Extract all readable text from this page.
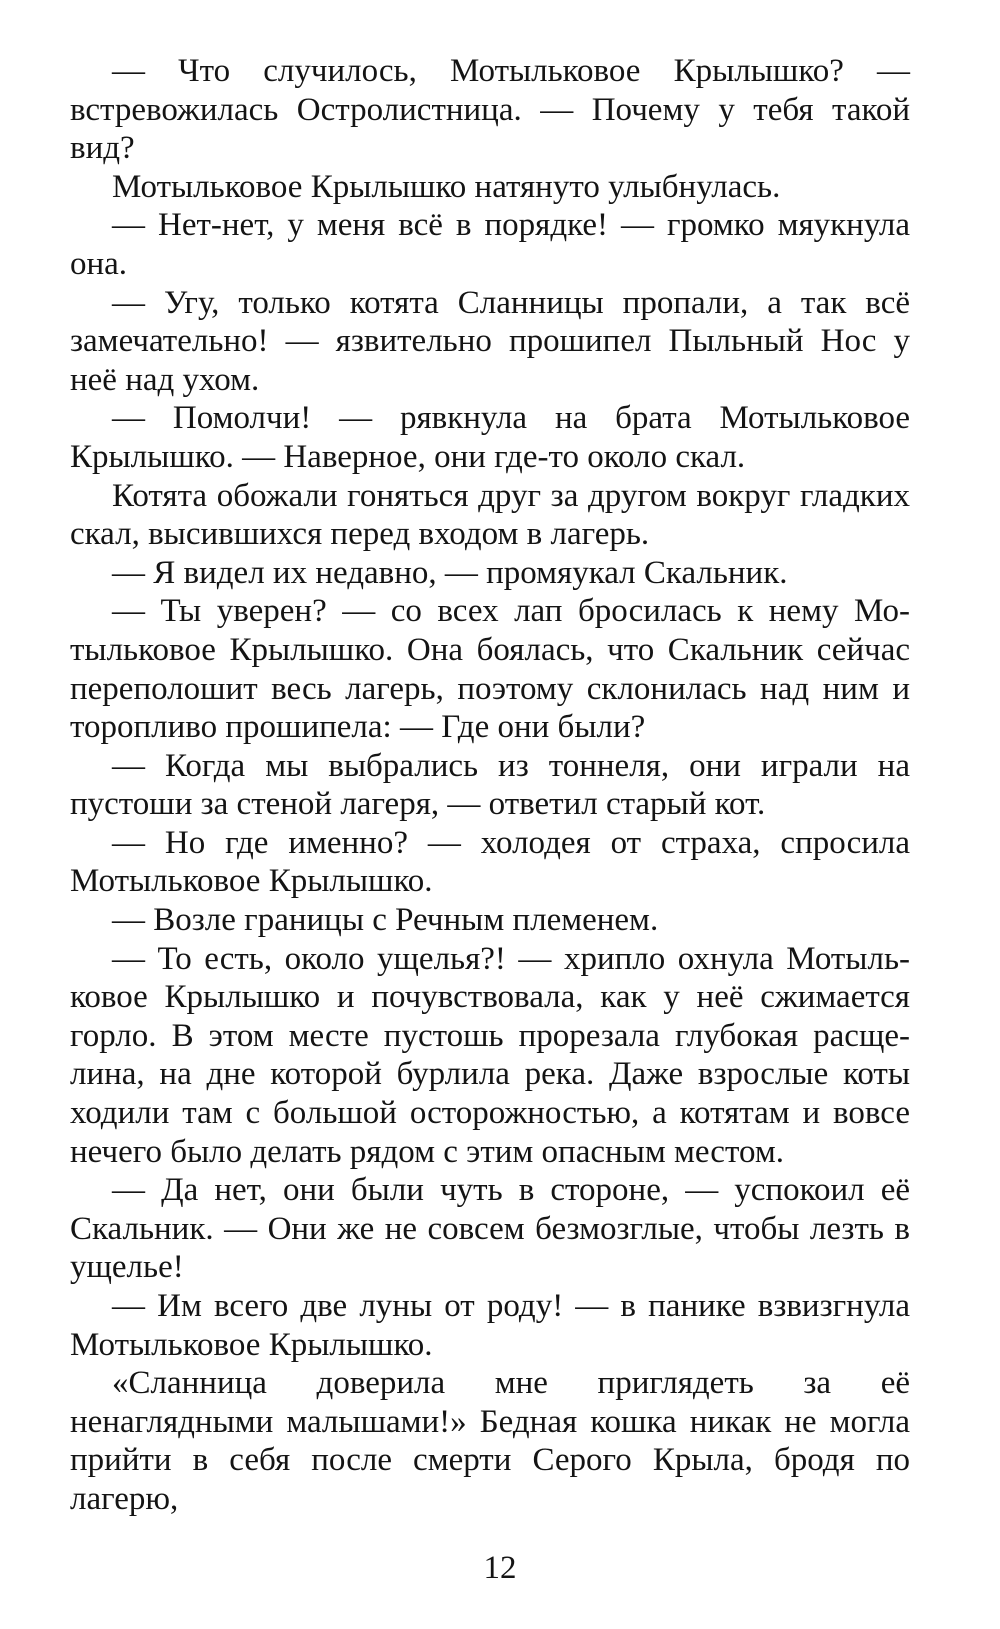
— Что случилось, Мотыльковое Крылышко? — встревожилась Остролистница. — Почему у тебя такой вид?

Мотыльковое Крылышко натянуто улыбнулась.

— Нет-нет, у меня всё в порядке! — громко мяукнула она.

— Угу, только котята Сланницы пропали, а так всё замечательно! — язвительно прошипел Пыльный Нос у неё над ухом.

— Помолчи! — рявкнула на брата Мотыльковое Крылышко. — Наверное, они где-то около скал.

Котята обожали гоняться друг за другом вокруг гладких скал, высившихся перед входом в лагерь.

— Я видел их недавно, — промяукал Скальник.

— Ты уверен? — со всех лап бросилась к нему Мотыльковое Крылышко. Она боялась, что Скальник сейчас переполошит весь лагерь, поэтому склонилась над ним и торопливо прошипела: — Где они были?

— Когда мы выбрались из тоннеля, они играли на пустоши за стеной лагеря, — ответил старый кот.

— Но где именно? — холодея от страха, спросила Мотыльковое Крылышко.

— Возле границы с Речным племенем.

— То есть, около ущелья?! — хрипло охнула Мотыльковое Крылышко и почувствовала, как у неё сжимается горло. В этом месте пустошь прорезала глубокая расщелина, на дне которой бурлила река. Даже взрослые коты ходили там с большой осторожностью, а котятам и вовсе нечего было делать рядом с этим опасным местом.

— Да нет, они были чуть в стороне, — успокоил её Скальник. — Они же не совсем безмозглые, чтобы лезть в ущелье!

— Им всего две луны от роду! — в панике взвизгнула Мотыльковое Крылышко.

«Сланница доверила мне приглядеть за её ненаглядными малышами!» Бедная кошка никак не могла прийти в себя после смерти Серого Крыла, бродя по лагерю,

12
